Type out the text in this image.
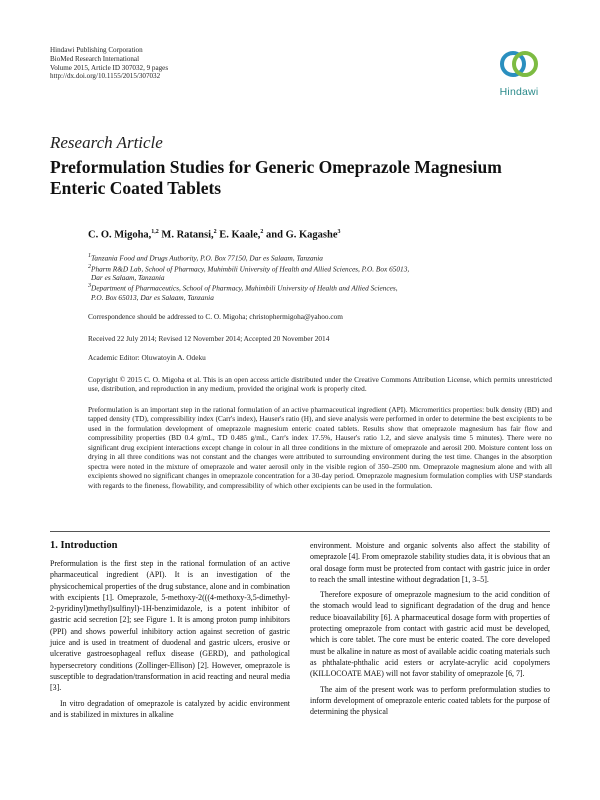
Hindawi Publishing Corporation
BioMed Research International
Volume 2015, Article ID 307032, 9 pages
http://dx.doi.org/10.1155/2015/307032
Hindawi
Research Article
Preformulation Studies for Generic Omeprazole Magnesium
Enteric Coated Tablets
C. O. Migoha,$^{1,2}$ M. Ratansi,$^2$ E. Kaale,$^2$ and G. Kagashe$^3$
$^1$Tanzania Food and Drugs Authority, P.O. Box 77150, Dar es Salaam, Tanzania
$^2$Pharm R&D Lab, School of Pharmacy, Muhimbili University of Health and Allied Sciences, P.O. Box 65013,
Dar es Salaam, Tanzania
$^3$Department of Pharmaceutics, School of Pharmacy, Muhimbili University of Health and Allied Sciences,
P.O. Box 65013, Dar es Salaam, Tanzania
Correspondence should be addressed to C. O. Migoha; christophermigoha@yahoo.com
Received 22 July 2014; Revised 12 November 2014; Accepted 20 November 2014
Academic Editor: Oluwatoyin A. Odeku
Copyright © 2015 C. O. Migoha et al. This is an open access article distributed under the Creative Commons Attribution License, which permits unrestricted use, distribution, and reproduction in any medium, provided the original work is properly cited.
Preformulation is an important step in the rational formulation of an active pharmaceutical ingredient (API). Micromeritics properties: bulk density (BD) and tapped density (TD), compressibility index (Carr's index), Hauser's ratio (H), and sieve analysis were performed in order to determine the best excipients to be used in the formulation development of omeprazole magnesium enteric coated tablets. Results show that omeprazole magnesium has fair flow and compressibility properties (BD 0.4 g/mL, TD 0.485 g/mL, Carr's index 17.5%, Hauser's ratio 1.2, and sieve analysis time 5 minutes). There were no significant drug excipient interactions except change in colour in all three conditions in the mixture of omeprazole and aerosil 200. Moisture content loss on drying in all three conditions was not constant and the changes were attributed to surrounding environment during the test time. Changes in the absorption spectra were noted in the mixture of omeprazole and water aerosil only in the visible region of 350–2500 nm. Omeprazole magnesium alone and with all excipients showed no significant changes in omeprazole concentration for a 30-day period. Omeprazole magnesium formulation complies with USP standards with regards to the fineness, flowability, and compressibility of which other excipients can be used in the formulation.
1. Introduction

Preformulation is the first step in the rational formulation of an active pharmaceutical ingredient (API). It is an investigation of the physicochemical properties of the drug substance, alone and in combination with excipients [1]. Omeprazole, 5-methoxy-2(((4-methoxy-3,5-dimethyl-2-pyridinyl)methyl)sulfinyl)-1H-benzimidazole, is a potent inhibitor of gastric acid secretion [2]; see Figure 1. It is among proton pump inhibitors (PPI) and shows powerful inhibitory action against secretion of gastric juice and is used in treatment of duodenal and gastric ulcers, erosive or ulcerative gastroesophageal reflux disease (GERD), and pathological hypersecretory conditions (Zollinger-Ellison) [2]. However, omeprazole is susceptible to degradation/transformation in acid reacting and neural media [3].

In vitro degradation of omeprazole is catalyzed by acidic environment and is stabilized in mixtures in alkaline

environment. Moisture and organic solvents also affect the stability of omeprazole [4]. From omeprazole stability studies data, it is obvious that an oral dosage form must be protected from contact with gastric juice in order to reach the small intestine without degradation [1, 3–5].

Therefore exposure of omeprazole magnesium to the acid condition of the stomach would lead to significant degradation of the drug and hence reduce bioavailability [6]. A pharmaceutical dosage form with properties of protecting omeprazole from contact with gastric acid must be developed, which is core tablet. The core must be enteric coated. The core developed must be alkaline in nature as most of available acidic coating materials such as phthalate-phthalic acid esters or acrylate-acrylic acid copolymers (KILLOCOATE MAE) will not favor stability of omeprazole [6, 7].

The aim of the present work was to perform preformulation studies to inform development of omeprazole enteric coated tablets for the purpose of determining the physical
